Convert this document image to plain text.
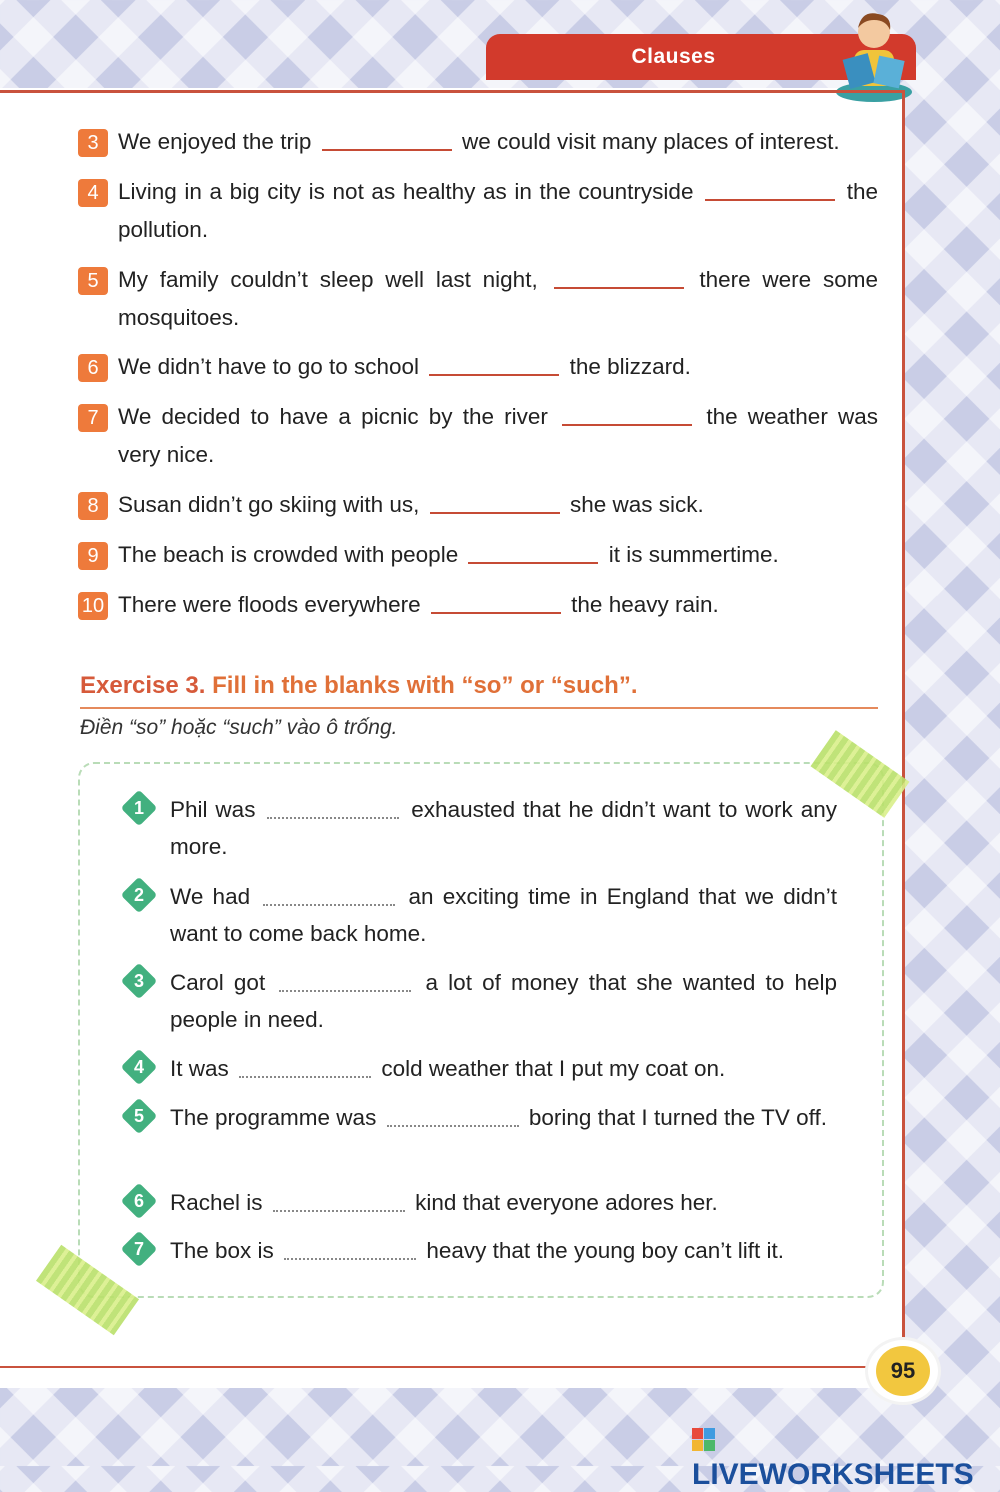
Clauses
3 We enjoyed the trip	we could visit many places of interest.
4 Living in a big city is not as healthy as in the countryside	the pollution.
5 My family couldn’t sleep well last night,	there were some mosquitoes.
6 We didn’t have to go to school	the blizzard.
7 We decided to have a picnic by the river	the weather was very nice.
8 Susan didn’t go skiing with us,	she was sick.
9 The beach is crowded with people	it is summertime.
10 There were floods everywhere	the heavy rain.
Exercise 3. Fill in the blanks with “so” or “such”.
Điền “so” hoặc “such” vào ô trống.
1	Phil was	exhausted that he didn’t want to work any more.
2	We had	an exciting time in England that we didn’t want to come back home.
3	Carol got	a lot of money that she wanted to help people in need.
4	It was	cold weather that I put my coat on.
5	The programme was	boring that I turned the TV off.
6	Rachel is	kind that everyone adores her.
7	The box is	heavy that the young boy can’t lift it.
95
LIVEWORKSHEETS
